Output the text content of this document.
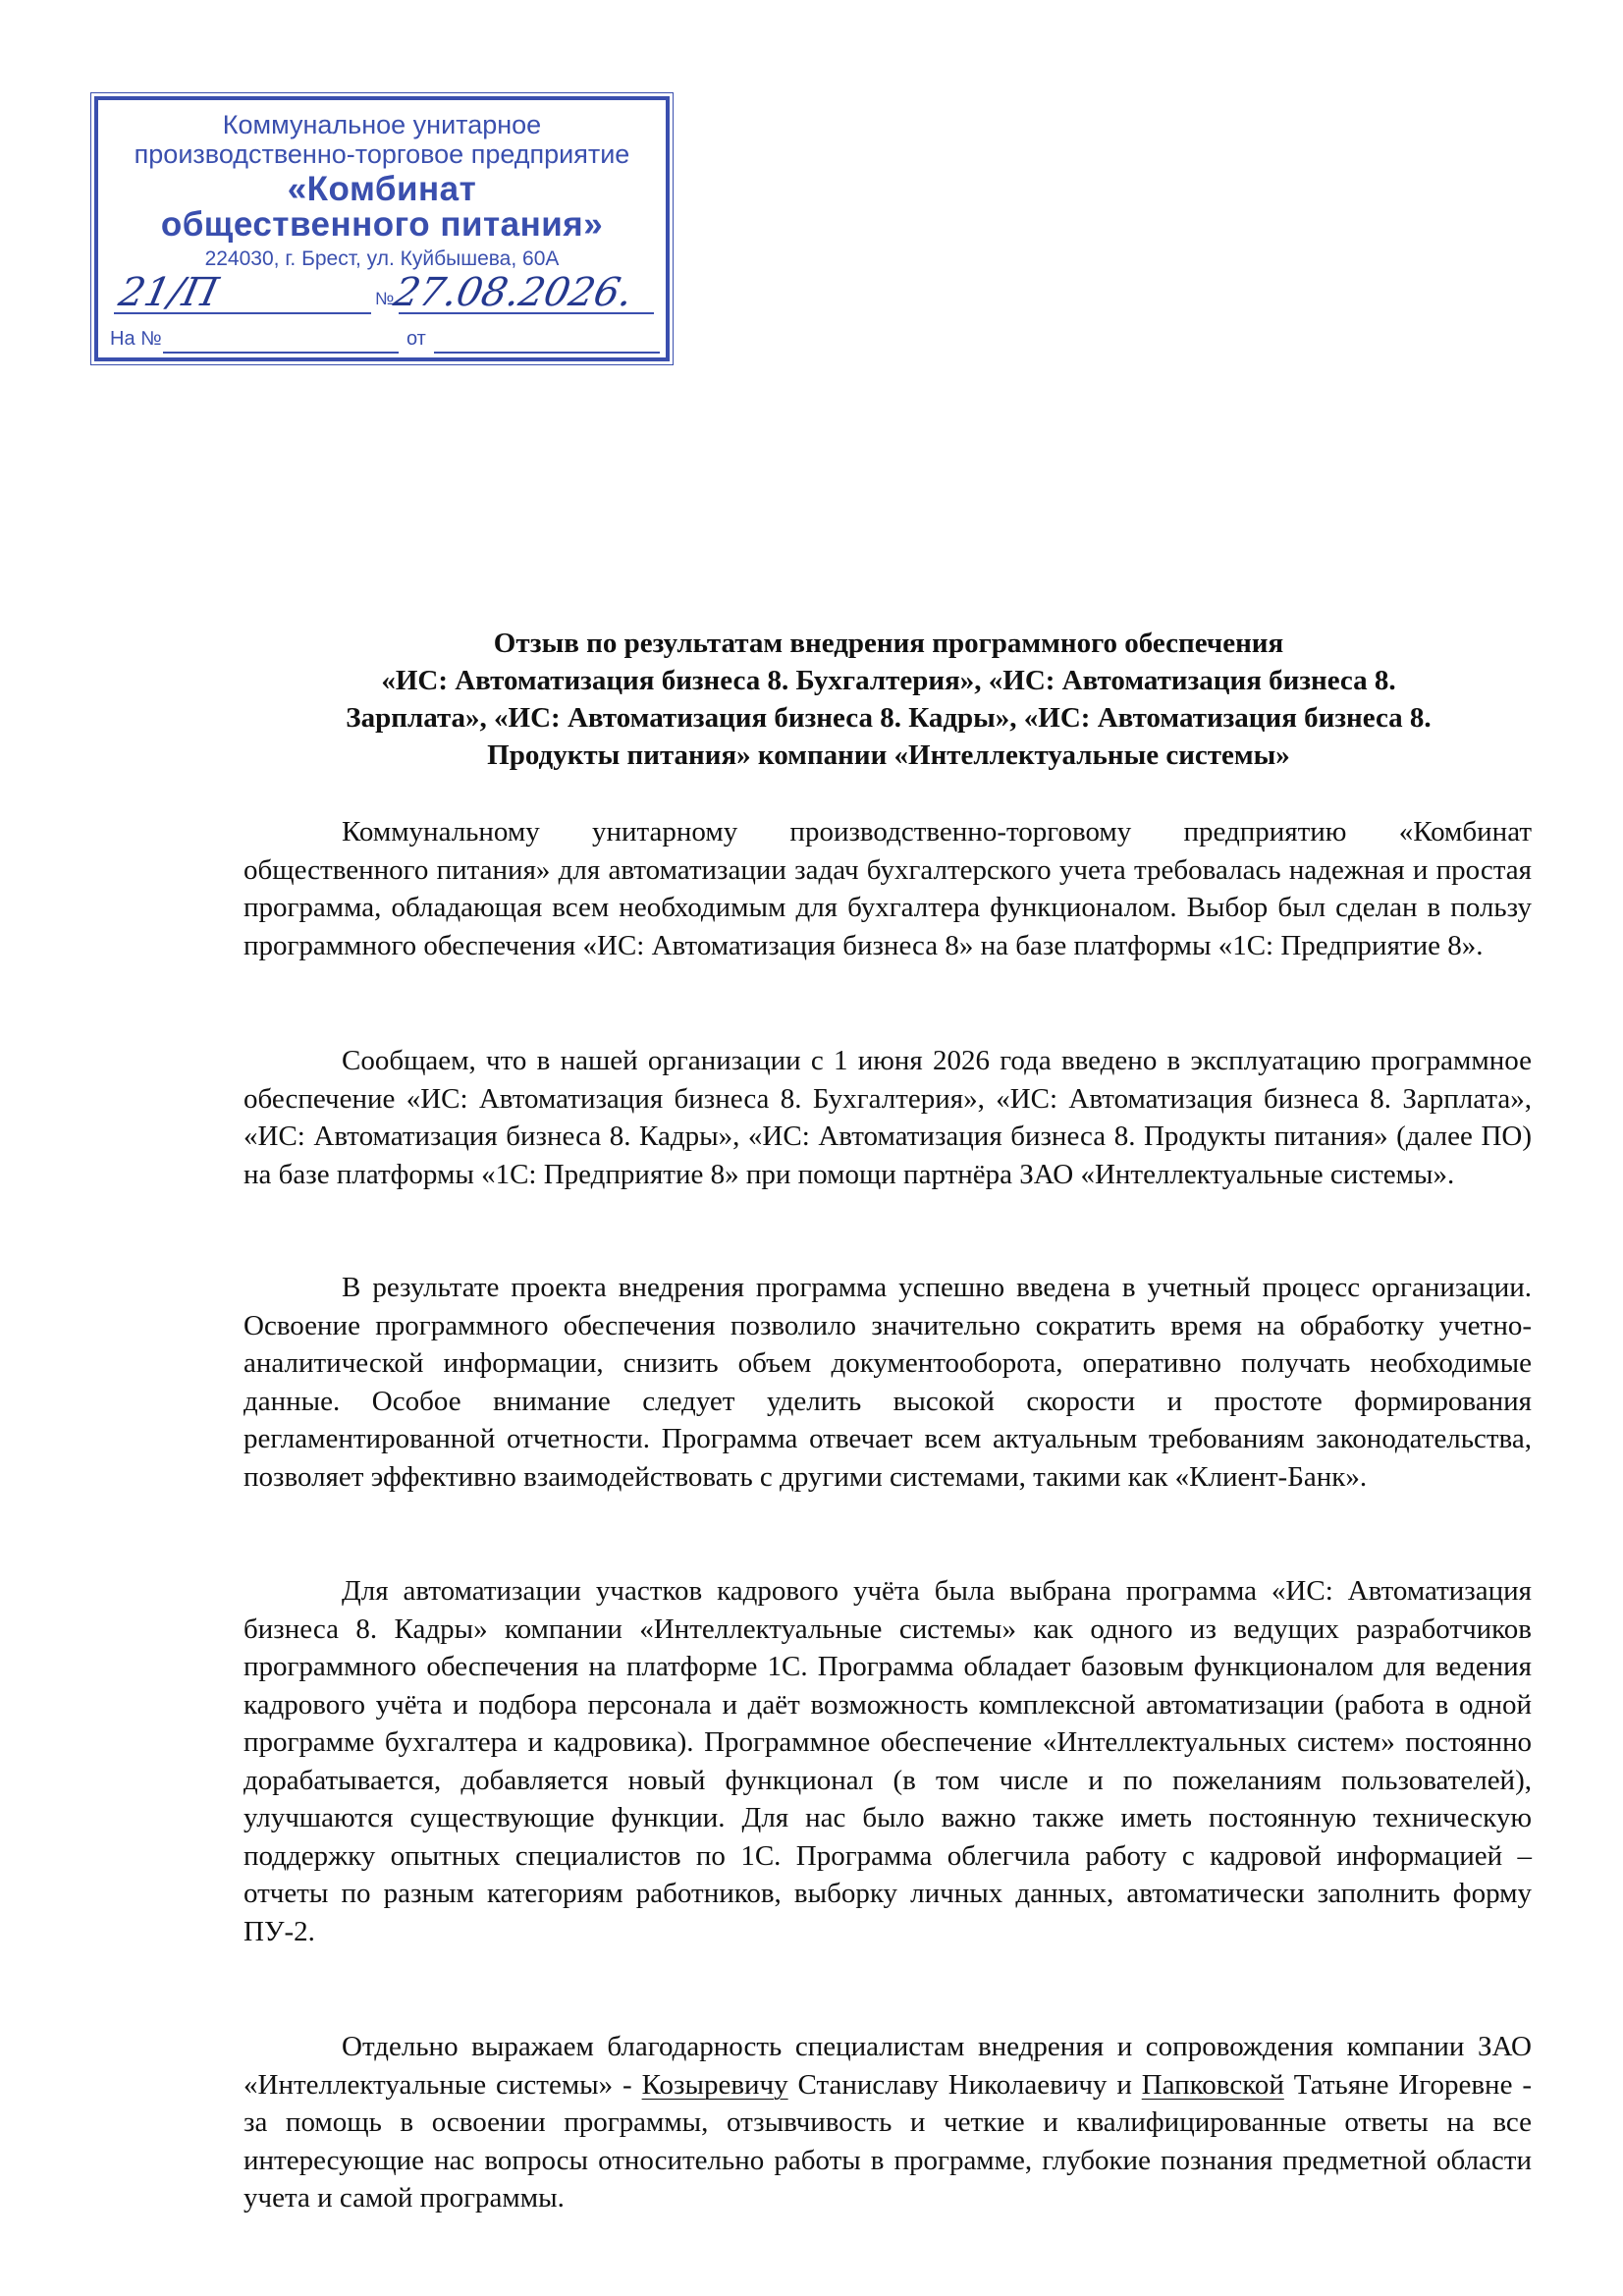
Коммунальное унитарное
производственно-торговое предприятие
«Комбинат
общественного питания»
224030, г. Брест, ул. Куйбышева, 60А
21/П	№
27.08.2026.
На №	от
Отзыв по результатам внедрения программного обеспечения
«ИС: Автоматизация бизнеса 8. Бухгалтерия», «ИС: Автоматизация бизнеса 8.
Зарплата», «ИС: Автоматизация бизнеса 8. Кадры», «ИС: Автоматизация бизнеса 8.
Продукты питания» компании «Интеллектуальные системы»

Коммунальному унитарному производственно-торговому предприятию «Комбинат общественного питания» для автоматизации задач бухгалтерского учета требовалась надежная и простая программа, обладающая всем необходимым для бухгалтера функционалом. Выбор был сделан в пользу программного обеспечения «ИС: Автоматизация бизнеса 8» на базе платформы «1С: Предприятие 8».

Сообщаем, что в нашей организации с 1 июня 2026 года введено в эксплуатацию программное обеспечение «ИС: Автоматизация бизнеса 8. Бухгалтерия», «ИС: Автоматизация бизнеса 8. Зарплата», «ИС: Автоматизация бизнеса 8. Кадры», «ИС: Автоматизация бизнеса 8. Продукты питания» (далее ПО) на базе платформы «1С: Предприятие 8» при помощи партнёра ЗАО «Интеллектуальные системы».

В результате проекта внедрения программа успешно введена в учетный процесс организации. Освоение программного обеспечения позволило значительно сократить время на обработку учетно-аналитической информации, снизить объем документооборота, оперативно получать необходимые данные. Особое внимание следует уделить высокой скорости и простоте формирования регламентированной отчетности. Программа отвечает всем актуальным требованиям законодательства, позволяет эффективно взаимодействовать с другими системами, такими как «Клиент-Банк».

Для автоматизации участков кадрового учёта была выбрана программа «ИС: Автоматизация бизнеса 8. Кадры» компании «Интеллектуальные системы» как одного из ведущих разработчиков программного обеспечения на платформе 1С. Программа обладает базовым функционалом для ведения кадрового учёта и подбора персонала и даёт возможность комплексной автоматизации (работа в одной программе бухгалтера и кадровика). Программное обеспечение «Интеллектуальных систем» постоянно дорабатывается, добавляется новый функционал (в том числе и по пожеланиям пользователей), улучшаются существующие функции. Для нас было важно также иметь постоянную техническую поддержку опытных специалистов по 1С. Программа облегчила работу с кадровой информацией – отчеты по разным категориям работников, выборку личных данных, автоматически заполнить форму ПУ-2.

Отдельно выражаем благодарность специалистам внедрения и сопровождения компании ЗАО «Интеллектуальные системы» - Козыревичу Станиславу Николаевичу и Папковской Татьяне Игоревне - за помощь в освоении программы, отзывчивость и четкие и квалифицированные ответы на все интересующие нас вопросы относительно работы в программе, глубокие познания предметной области учета и самой программы.
